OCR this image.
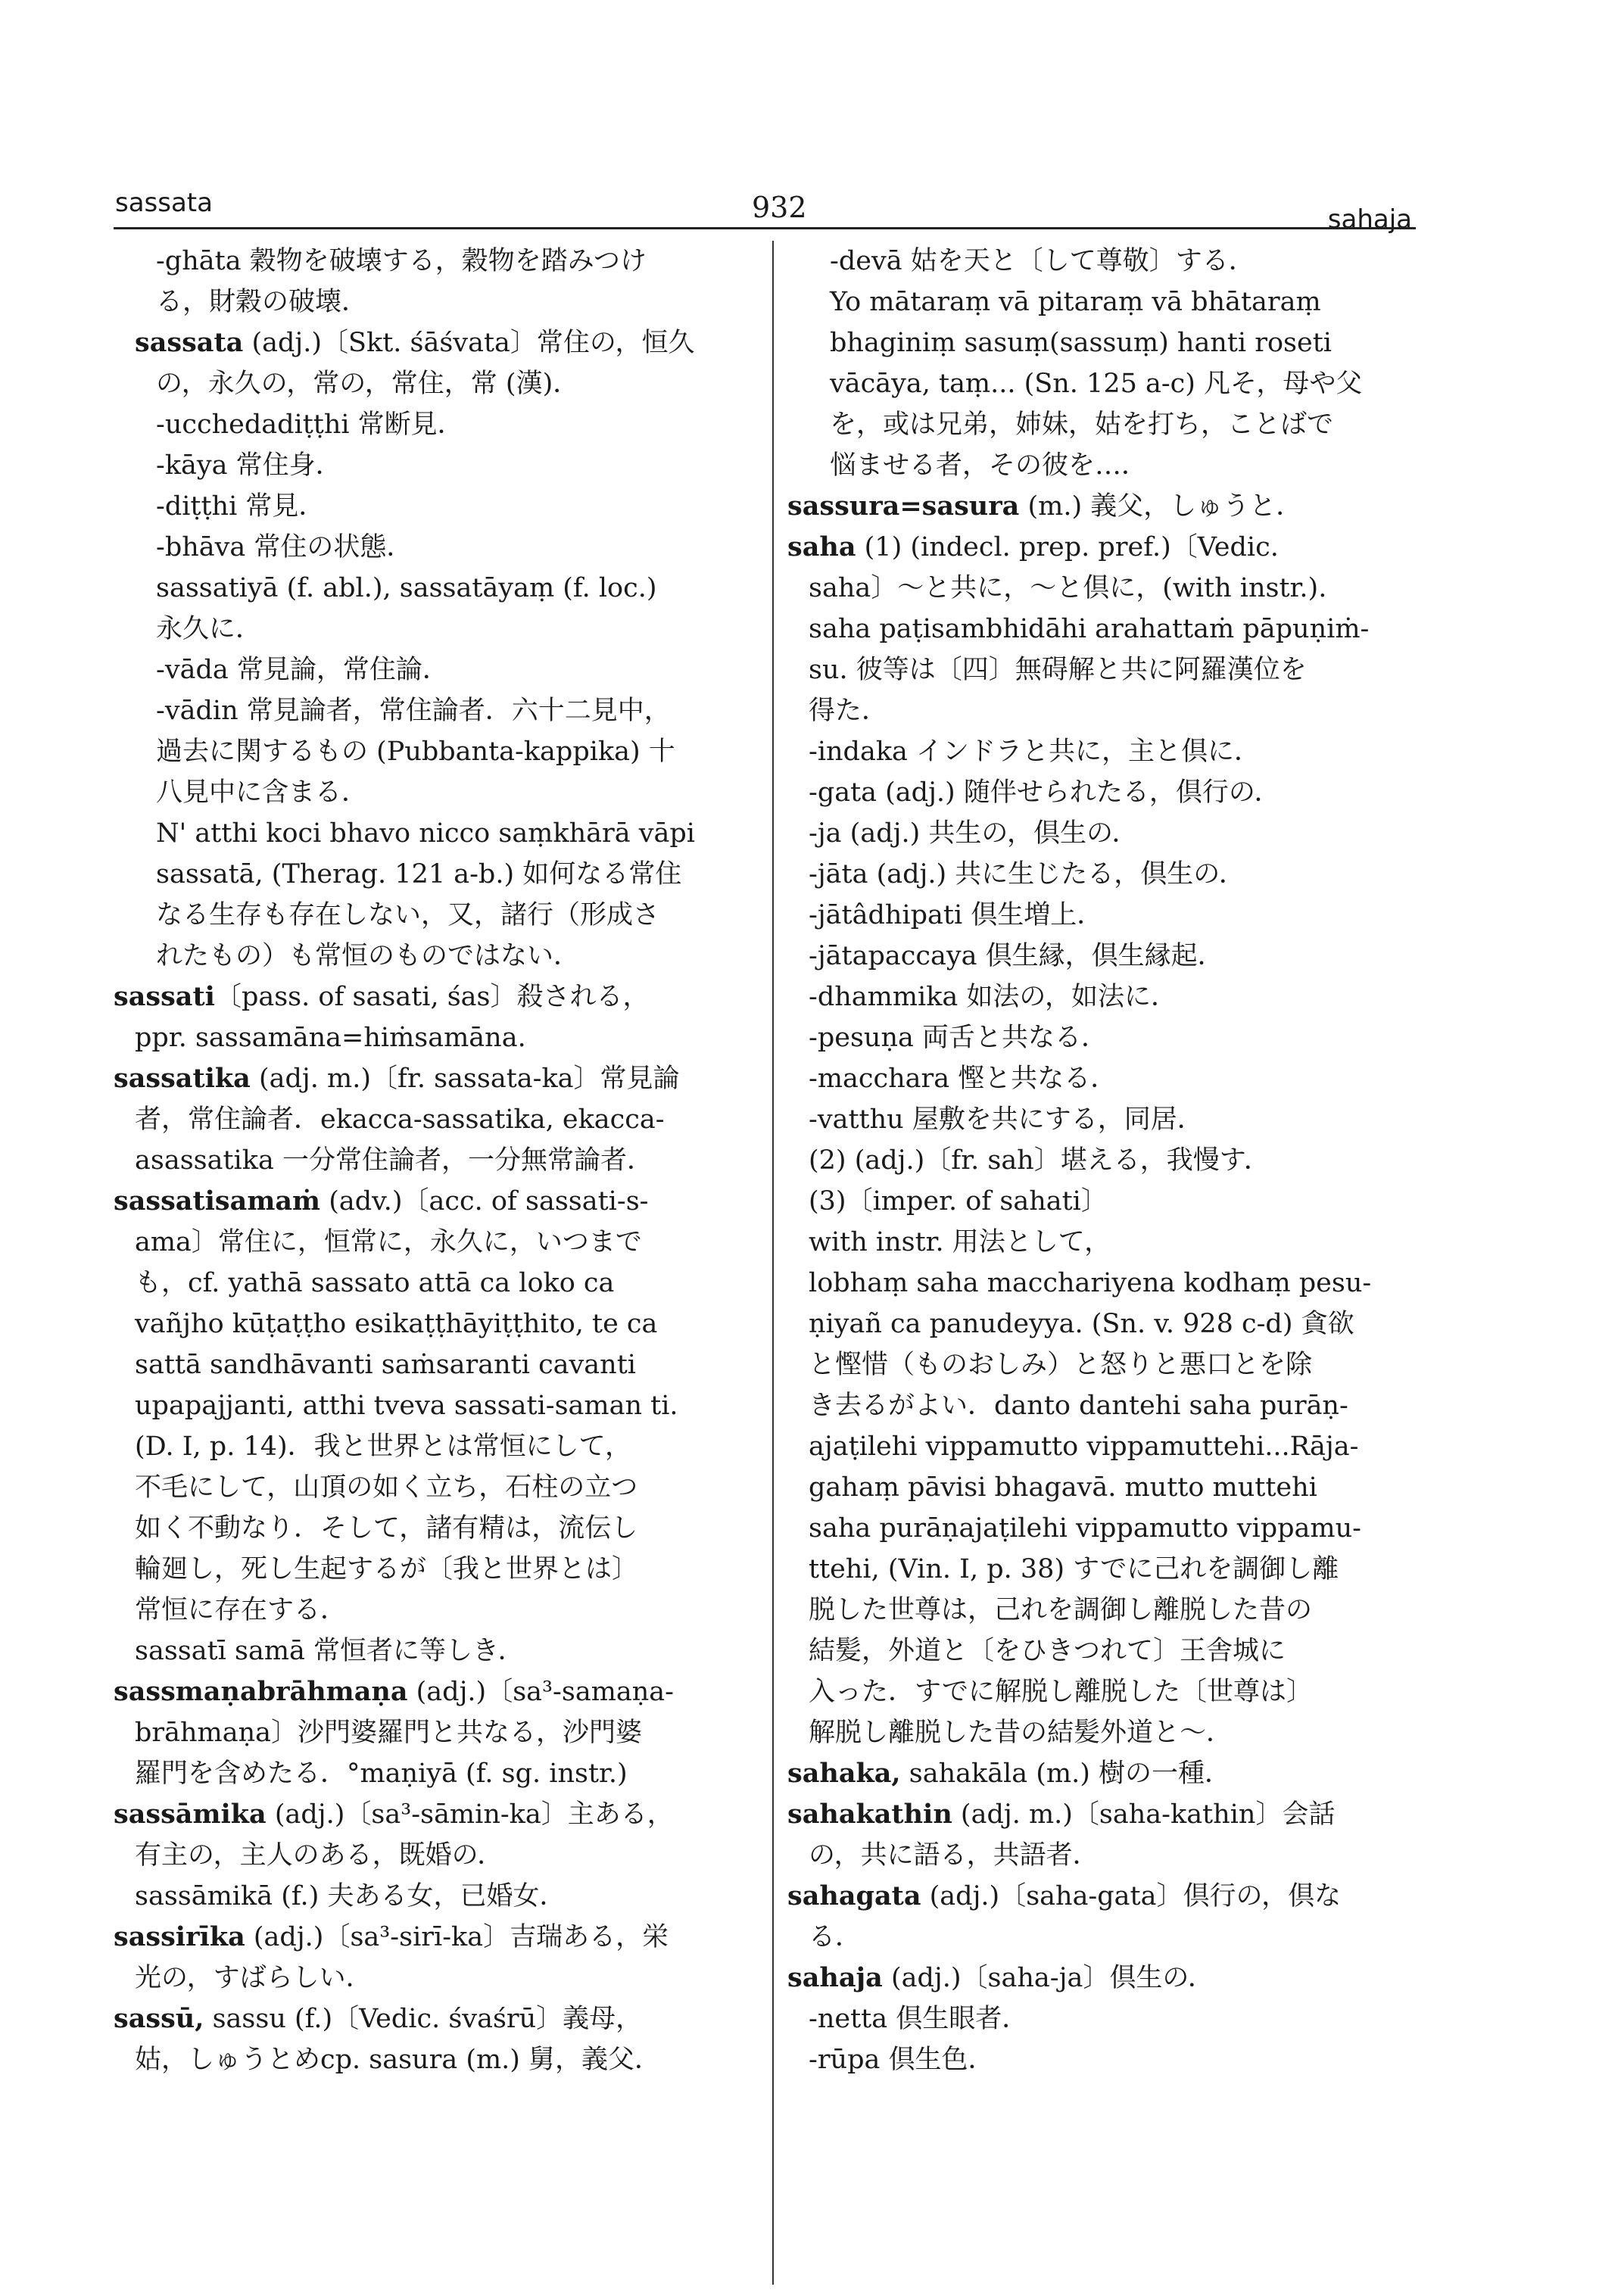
sassata	932	sahaja
-ghāta 穀物を破壊する，穀物を踏みつけ
る，財穀の破壊．
sassata (adj.)〔Skt. śāśvata〕常住の，恒久
の，永久の，常の，常住，常 (漢)．
-ucchedadiṭṭhi 常断見．
-kāya 常住身．
-diṭṭhi 常見．
-bhāva 常住の状態．
sassatiyā (f. abl.), sassatāyaṃ (f. loc.)
永久に．
-vāda 常見論，常住論．
-vādin 常見論者，常住論者．六十二見中，
過去に関するもの (Pubbanta-kappika) 十
八見中に含まる．
N' atthi koci bhavo nicco saṃkhārā vāpi
sassatā, (Therag. 121 a-b.) 如何なる常住
なる生存も存在しない，又，諸行（形成さ
れたもの）も常恒のものではない．
sassati〔pass. of sasati, śas〕殺される，
ppr. sassamāna=hiṁsamāna.
sassatika (adj. m.)〔fr. sassata-ka〕常見論
者，常住論者．ekacca-sassatika, ekacca-
asassatika 一分常住論者，一分無常論者．
sassatisamaṁ (adv.)〔acc. of sassati-s-
ama〕常住に，恒常に，永久に，いつまで
も，cf. yathā sassato attā ca loko ca
vañjho kūṭaṭṭho esikaṭṭhāyiṭṭhito, te ca
sattā sandhāvanti saṁsaranti cavanti
upapajjanti, atthi tveva sassati-saman ti.
(D. I, p. 14)．我と世界とは常恒にして，
不毛にして，山頂の如く立ち，石柱の立つ
如く不動なり．そして，諸有精は，流伝し
輪廻し，死し生起するが〔我と世界とは〕
常恒に存在する．
sassatī samā 常恒者に等しき．
sassmaṇabrāhmaṇa (adj.)〔sa³-samaṇa-
brāhmaṇa〕沙門婆羅門と共なる，沙門婆
羅門を含めたる．°maṇiyā (f. sg. instr.)
sassāmika (adj.)〔sa³-sāmin-ka〕主ある，
有主の，主人のある，既婚の．
sassāmikā (f.) 夫ある女，已婚女．
sassirīka (adj.)〔sa³-sirī-ka〕吉瑞ある，栄
光の，すばらしい．
sassū, sassu (f.)〔Vedic. śvaśrū〕義母，
姑，しゅうとめcp. sasura (m.) 舅，義父．
-devā 姑を天と〔して尊敬〕する．
Yo mātaraṃ vā pitaraṃ vā bhātaraṃ
bhaginiṃ sasuṃ(sassuṃ) hanti roseti
vācāya, taṃ... (Sn. 125 a-c) 凡そ，母や父
を，或は兄弟，姉妹，姑を打ち，ことばで
悩ませる者，その彼を…．
sassura=sasura (m.) 義父，しゅうと．
saha (1) (indecl. prep. pref.)〔Vedic.
saha〕～と共に，～と倶に，(with instr.).
saha paṭisambhidāhi arahattaṁ pāpuṇiṁ-
su. 彼等は〔四〕無碍解と共に阿羅漢位を
得た．
-indaka インドラと共に，主と倶に．
-gata (adj.) 随伴せられたる，倶行の．
-ja (adj.) 共生の，倶生の．
-jāta (adj.) 共に生じたる，倶生の．
-jātâdhipati 倶生増上．
-jātapaccaya 倶生縁，倶生縁起．
-dhammika 如法の，如法に．
-pesuṇa 両舌と共なる．
-macchara 慳と共なる．
-vatthu 屋敷を共にする，同居．
(2) (adj.)〔fr. sah〕堪える，我慢す．
(3)〔imper. of sahati〕
with instr. 用法として，
lobhaṃ saha macchariyena kodhaṃ pesu-
ṇiyañ ca panudeyya. (Sn. v. 928 c-d) 貪欲
と慳惜（ものおしみ）と怒りと悪口とを除
き去るがよい．danto dantehi saha purāṇ-
ajaṭilehi vippamutto vippamuttehi...Rāja-
gahaṃ pāvisi bhagavā. mutto muttehi
saha purāṇajaṭilehi vippamutto vippamu-
ttehi, (Vin. I, p. 38) すでに己れを調御し離
脱した世尊は，己れを調御し離脱した昔の
結髪，外道と〔をひきつれて〕王舎城に
入った．すでに解脱し離脱した〔世尊は〕
解脱し離脱した昔の結髪外道と～．
sahaka, sahakāla (m.) 樹の一種．
sahakathin (adj. m.)〔saha-kathin〕会話
の，共に語る，共語者．
sahagata (adj.)〔saha-gata〕倶行の，倶な
る．
sahaja (adj.)〔saha-ja〕倶生の．
-netta 倶生眼者．
-rūpa 倶生色．
